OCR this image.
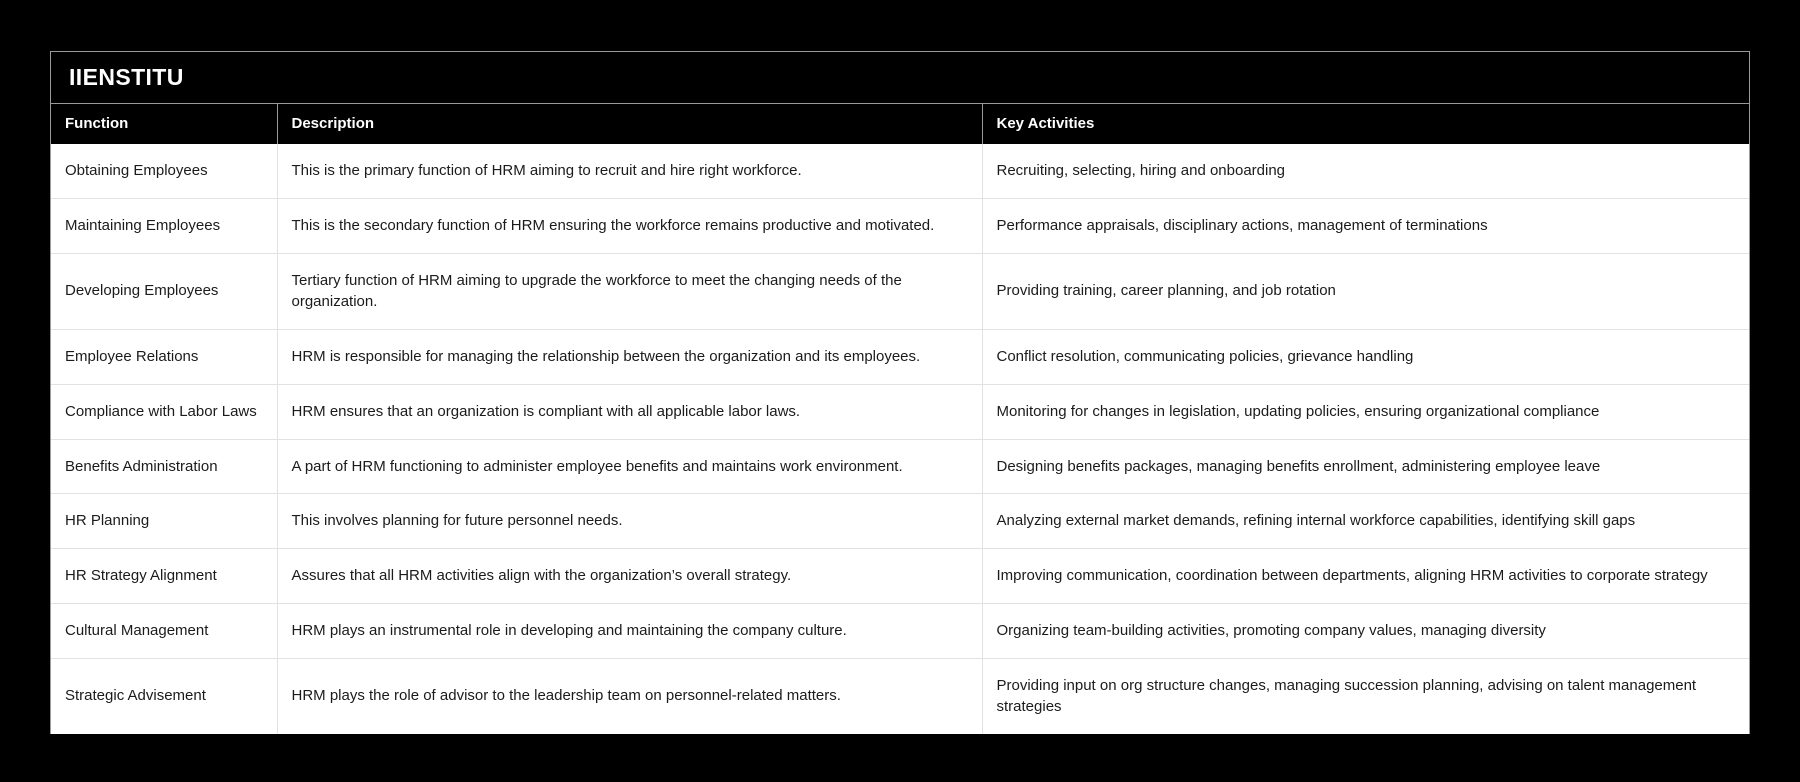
IIENSTITU
Function	Description	Key Activities
Obtaining Employees	This is the primary function of HRM aiming to recruit and hire right workforce.	Recruiting, selecting, hiring and onboarding
Maintaining Employees	This is the secondary function of HRM ensuring the workforce remains productive and motivated.	Performance appraisals, disciplinary actions, management of terminations
Developing Employees	Tertiary function of HRM aiming to upgrade the workforce to meet the changing needs of the organization.	Providing training, career planning, and job rotation
Employee Relations	HRM is responsible for managing the relationship between the organization and its employees.	Conflict resolution, communicating policies, grievance handling
Compliance with Labor Laws	HRM ensures that an organization is compliant with all applicable labor laws.	Monitoring for changes in legislation, updating policies, ensuring organizational compliance
Benefits Administration	A part of HRM functioning to administer employee benefits and maintains work environment.	Designing benefits packages, managing benefits enrollment, administering employee leave
HR Planning	This involves planning for future personnel needs.	Analyzing external market demands, refining internal workforce capabilities, identifying skill gaps
HR Strategy Alignment	Assures that all HRM activities align with the organization’s overall strategy.	Improving communication, coordination between departments, aligning HRM activities to corporate strategy
Cultural Management	HRM plays an instrumental role in developing and maintaining the company culture.	Organizing team-building activities, promoting company values, managing diversity
Strategic Advisement	HRM plays the role of advisor to the leadership team on personnel-related matters.	Providing input on org structure changes, managing succession planning, advising on talent management strategies
